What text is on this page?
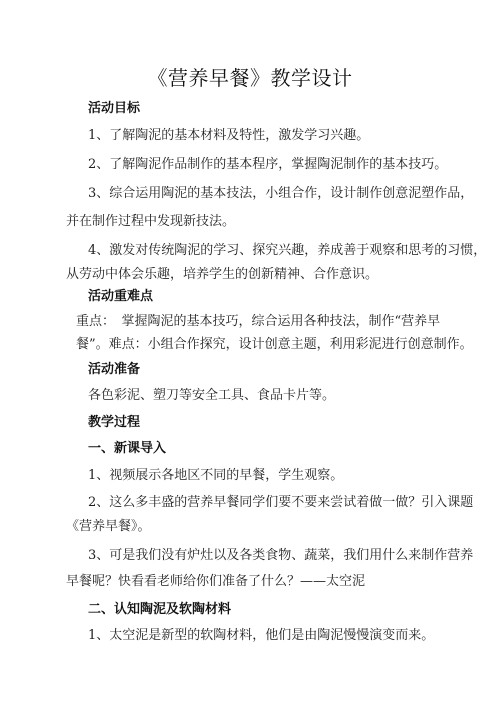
《营养早餐》教学设计
活动目标
1、了解陶泥的基本材料及特性，激发学习兴趣。
2、了解陶泥作品制作的基本程序，掌握陶泥制作的基本技巧。
3、综合运用陶泥的基本技法，小组合作，设计制作创意泥塑作品，
并在制作过程中发现新技法。
4、激发对传统陶泥的学习、探究兴趣，养成善于观察和思考的习惯，
从劳动中体会乐趣，培养学生的创新精神、合作意识。
活动重难点
重点：　掌握陶泥的基本技巧，综合运用各种技法，制作“营养早
餐”。难点：小组合作探究，设计创意主题，利用彩泥进行创意制作。
活动准备
各色彩泥、塑刀等安全工具、食品卡片等。
教学过程
一、新课导入
1、视频展示各地区不同的早餐，学生观察。
2、这么多丰盛的营养早餐同学们要不要来尝试着做一做？引入课题
《营养早餐》。
3、可是我们没有炉灶以及各类食物、蔬菜，我们用什么来制作营养
早餐呢？快看看老师给你们准备了什么？——太空泥
二、认知陶泥及软陶材料
1、太空泥是新型的软陶材料，他们是由陶泥慢慢演变而来。
